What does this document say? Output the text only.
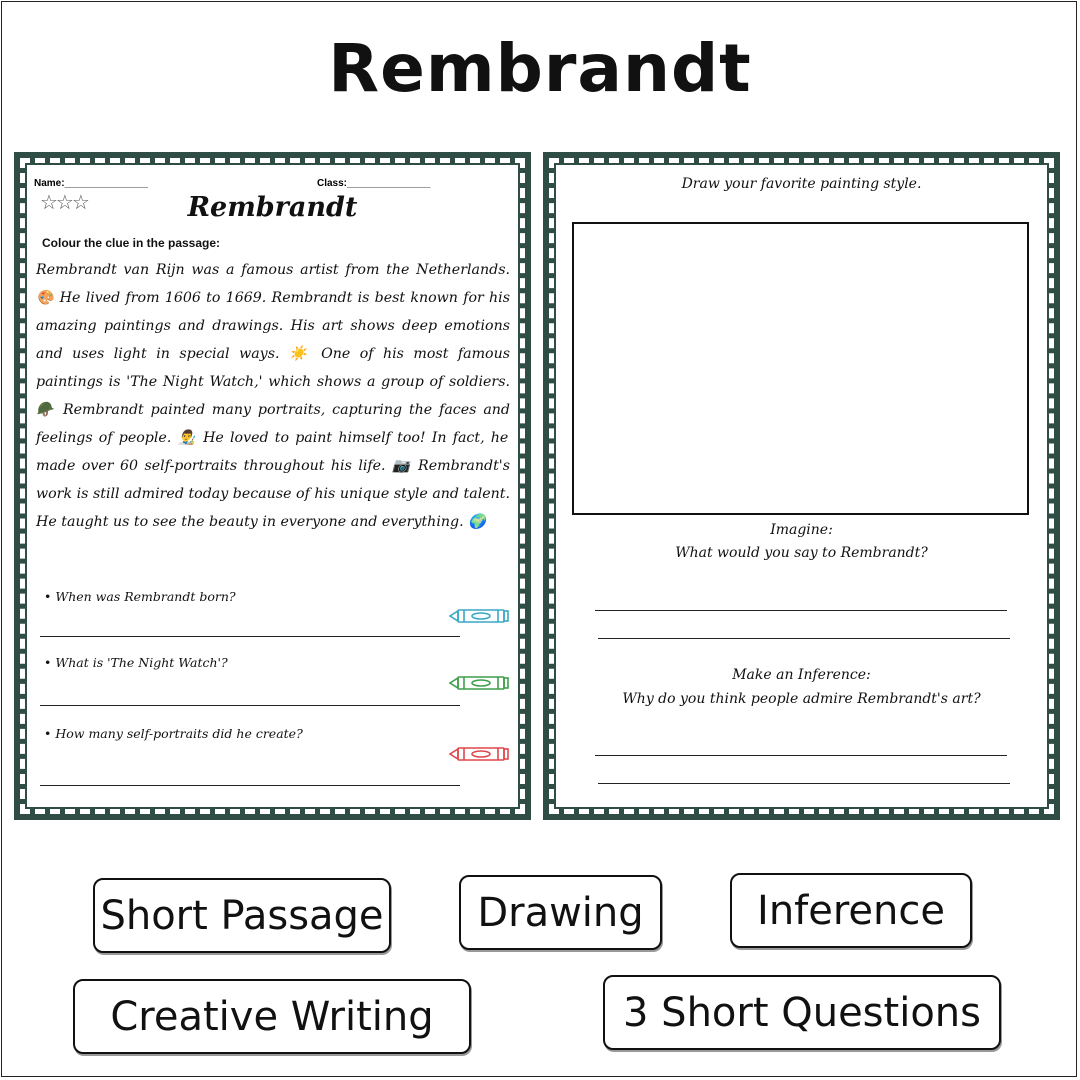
Rembrandt
Name:_______________	Class:_______________
☆☆☆	Rembrandt
Colour the clue in the passage:
Rembrandt van Rijn was a famous artist from the Netherlands. 🎨 He lived from 1606 to 1669. Rembrandt is best known for his amazing paintings and drawings. His art shows deep emotions and uses light in special ways. ☀️ One of his most famous paintings is 'The Night Watch,' which shows a group of soldiers. 🪖 Rembrandt painted many portraits, capturing the faces and feelings of people. 👨‍🎨 He loved to paint himself too! In fact, he made over 60 self-portraits throughout his life. 📷 Rembrandt's work is still admired today because of his unique style and talent. He taught us to see the beauty in everyone and everything. 🌍
• When was Rembrandt born?
• What is 'The Night Watch'?
• How many self-portraits did he create?
Draw your favorite painting style.
Imagine:
What would you say to Rembrandt?
Make an Inference:
Why do you think people admire Rembrandt's art?
Short Passage	Drawing	Inference
Creative Writing	3 Short Questions
